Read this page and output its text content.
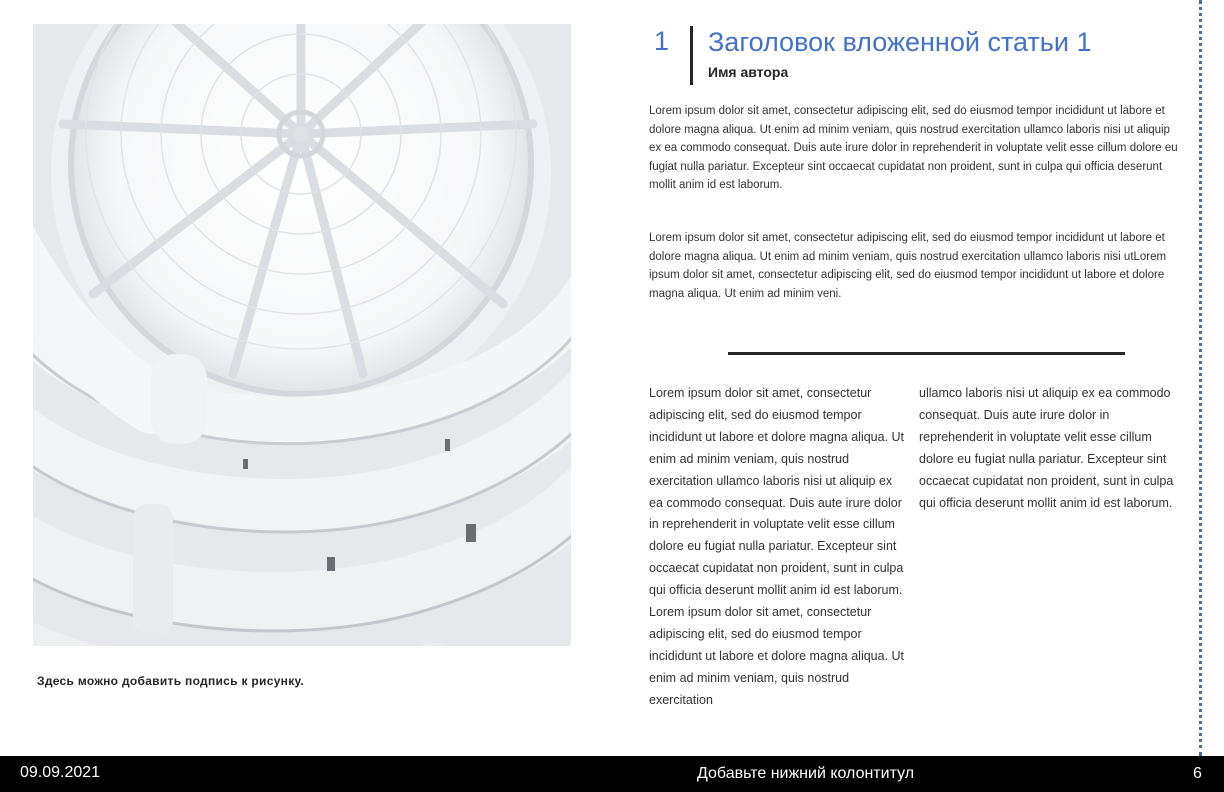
Здесь можно добавить подпись к рисунку.
1 Заголовок вложенной статьи 1
Имя автора

Lorem ipsum dolor sit amet, consectetur adipiscing elit, sed do eiusmod tempor incididunt ut labore et dolore magna aliqua. Ut enim ad minim veniam, quis nostrud exercitation ullamco laboris nisi ut aliquip ex ea commodo consequat. Duis aute irure dolor in reprehenderit in voluptate velit esse cillum dolore eu fugiat nulla pariatur. Excepteur sint occaecat cupidatat non proident, sunt in culpa qui officia deserunt mollit anim id est laborum.

Lorem ipsum dolor sit amet, consectetur adipiscing elit, sed do eiusmod tempor incididunt ut labore et dolore magna aliqua. Ut enim ad minim veniam, quis nostrud exercitation ullamco laboris nisi utLorem ipsum dolor sit amet, consectetur adipiscing elit, sed do eiusmod tempor incididunt ut labore et dolore magna aliqua. Ut enim ad minim veni.

Lorem ipsum dolor sit amet, consectetur adipiscing elit, sed do eiusmod tempor incididunt ut labore et dolore magna aliqua. Ut enim ad minim veniam, quis nostrud exercitation ullamco laboris nisi ut aliquip ex ea commodo consequat. Duis aute irure dolor in reprehenderit in voluptate velit esse cillum dolore eu fugiat nulla pariatur. Excepteur sint occaecat cupidatat non proident, sunt in culpa qui officia deserunt mollit anim id est laborum. Lorem ipsum dolor sit amet, consectetur adipiscing elit, sed do eiusmod tempor incididunt ut labore et dolore magna aliqua. Ut enim ad minim veniam, quis nostrud exercitation

ullamco laboris nisi ut aliquip ex ea commodo consequat. Duis aute irure dolor in reprehenderit in voluptate velit esse cillum dolore eu fugiat nulla pariatur. Excepteur sint occaecat cupidatat non proident, sunt in culpa qui officia deserunt mollit anim id est laborum.

09.09.2021	Добавьте нижний колонтитул	6
